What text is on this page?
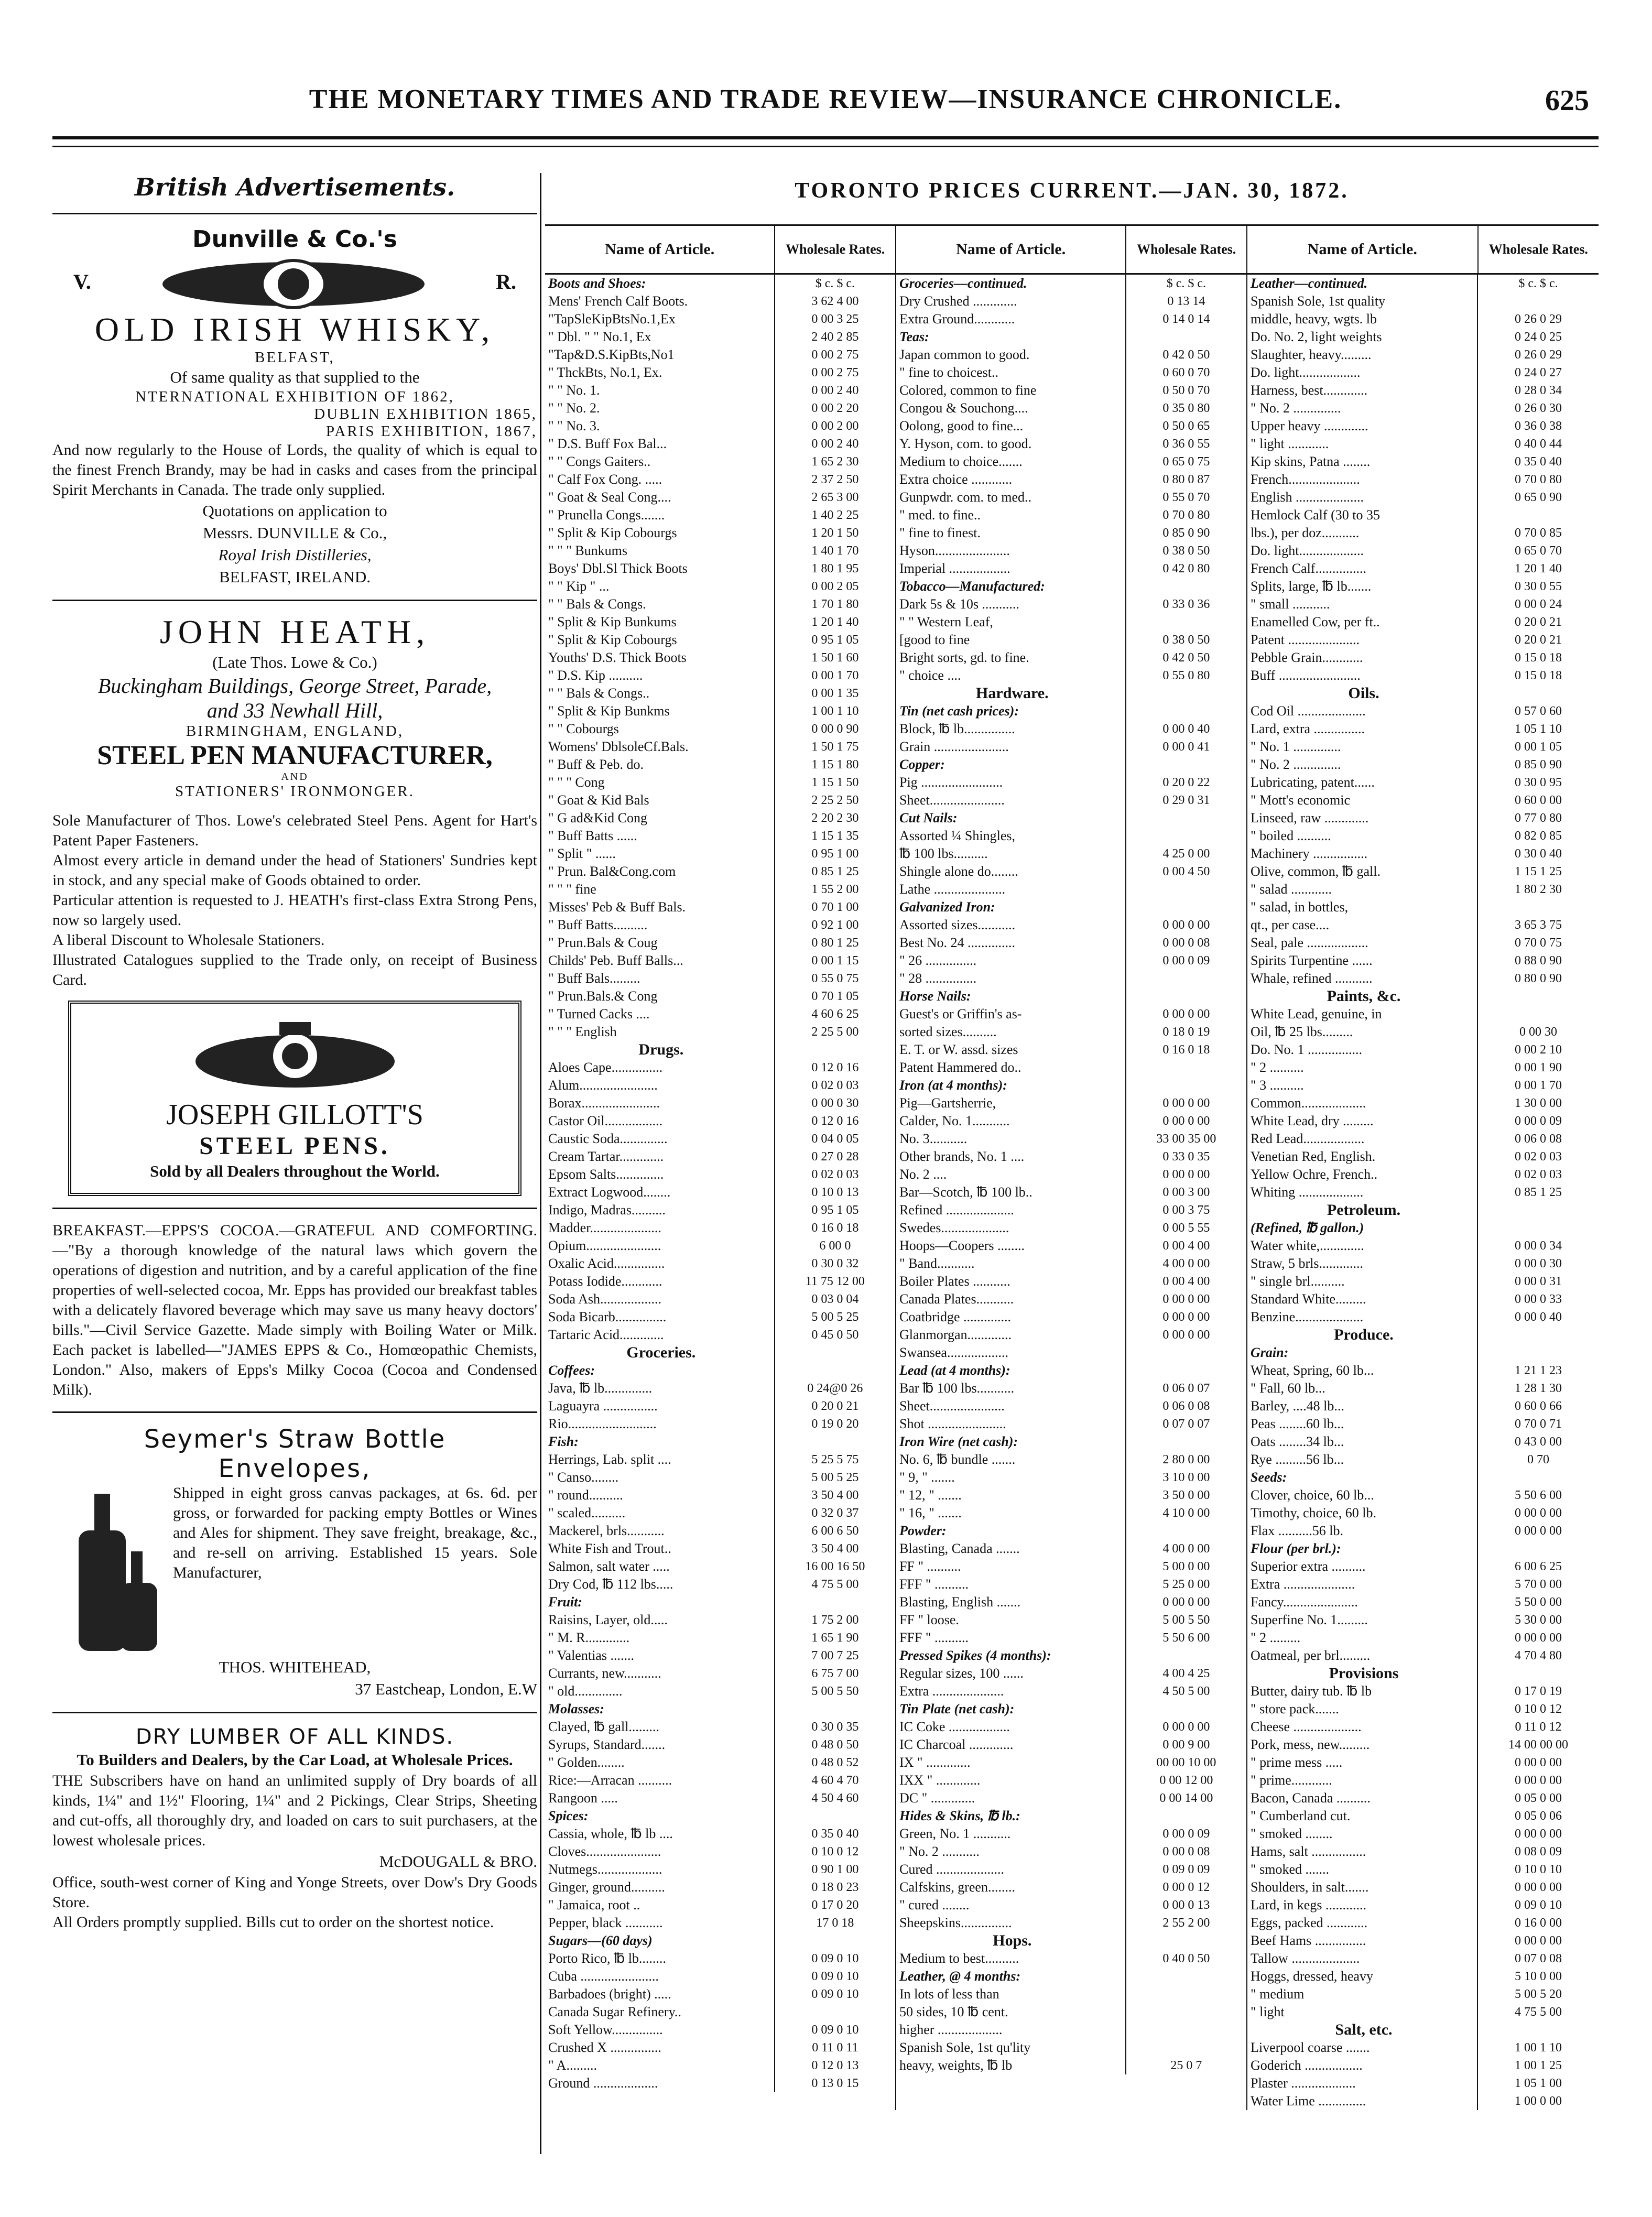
THE MONETARY TIMES AND TRADE REVIEW—INSURANCE CHRONICLE.	625

British Advertisements.

Dunville & Co.'s

V.	R.

OLD IRISH WHISKY,

BELFAST,

Of same quality as that supplied to the

NTERNATIONAL EXHIBITION OF 1862,

DUBLIN EXHIBITION 1865,

PARIS EXHIBITION, 1867,

And now regularly to the House of Lords, the quality of which is equal to the finest French Brandy, may be had in casks and cases from the principal Spirit Merchants in Canada. The trade only supplied.

Quotations on application to

Messrs. DUNVILLE & Co.,

Royal Irish Distilleries,

BELFAST, IRELAND.

JOHN HEATH,

(Late Thos. Lowe & Co.)

Buckingham Buildings, George Street, Parade,

and 33 Newhall Hill,

BIRMINGHAM, ENGLAND,

STEEL PEN MANUFACTURER,

AND

STATIONERS' IRONMONGER.

Sole Manufacturer of Thos. Lowe's celebrated Steel Pens. Agent for Hart's Patent Paper Fasteners.

Almost every article in demand under the head of Stationers' Sundries kept in stock, and any special make of Goods obtained to order.

Particular attention is requested to J. HEATH's first-class Extra Strong Pens, now so largely used.

A liberal Discount to Wholesale Stationers.

Illustrated Catalogues supplied to the Trade only, on receipt of Business Card.

JOSEPH GILLOTT'S

STEEL PENS.

Sold by all Dealers throughout the World.

BREAKFAST.—EPPS'S COCOA.—GRATEFUL AND COMFORTING.—"By a thorough knowledge of the natural laws which govern the operations of digestion and nutrition, and by a careful application of the fine properties of well-selected cocoa, Mr. Epps has provided our breakfast tables with a delicately flavored beverage which may save us many heavy doctors' bills."—Civil Service Gazette. Made simply with Boiling Water or Milk. Each packet is labelled—"JAMES EPPS & Co., Homœopathic Chemists, London." Also, makers of Epps's Milky Cocoa (Cocoa and Condensed Milk).

Seymer's Straw Bottle

Envelopes,

Shipped in eight gross canvas packages, at 6s. 6d. per gross, or forwarded for packing empty Bottles or Wines and Ales for shipment. They save freight, breakage, &c., and re-sell on arriving. Established 15 years. Sole Manufacturer,

THOS. WHITEHEAD,

37 Eastcheap, London, E.W

DRY LUMBER OF ALL KINDS.

To Builders and Dealers, by the Car Load, at Wholesale Prices.

THE Subscribers have on hand an unlimited supply of Dry boards of all kinds, 1¼" and 1½" Flooring, 1¼" and 2 Pickings, Clear Strips, Sheeting and cut-offs, all thoroughly dry, and loaded on cars to suit purchasers, at the lowest wholesale prices.

McDOUGALL & BRO.

Office, south-west corner of King and Yonge Streets, over Dow's Dry Goods Store.

All Orders promptly supplied. Bills cut to order on the shortest notice.

TORONTO PRICES CURRENT.—JAN. 30, 1872.
Name of Article.	Wholesale Rates.
Boots and Shoes:	$ c. $ c.
Mens' French Calf Boots.	3 62 4 00
"TapSleKipBtsNo.1,Ex	0 00 3 25
" Dbl. " " No.1, Ex	2 40 2 85
"Tap&D.S.KipBts,No1	0 00 2 75
" ThckBts, No.1, Ex.	0 00 2 75
" " No. 1.	0 00 2 40
" " No. 2.	0 00 2 20
" " No. 3.	0 00 2 00
" D.S. Buff Fox Bal...	0 00 2 40
" " Congs Gaiters..	1 65 2 30
" Calf Fox Cong. .....	2 37 2 50
" Goat & Seal Cong....	2 65 3 00
" Prunella Congs.......	1 40 2 25
" Split & Kip Cobourgs	1 20 1 50
" " " Bunkums	1 40 1 70
Boys' Dbl.Sl Thick Boots	1 80 1 95
" " Kip " ...	0 00 2 05
" " Bals & Congs.	1 70 1 80
" Split & Kip Bunkums	1 20 1 40
" Split & Kip Cobourgs	0 95 1 05
Youths' D.S. Thick Boots	1 50 1 60
" D.S. Kip ..........	0 00 1 70
" " Bals & Congs..	0 00 1 35
" Split & Kip Bunkms	1 00 1 10
" " Cobourgs	0 00 0 90
Womens' DblsoleCf.Bals.	1 50 1 75
" Buff & Peb. do.	1 15 1 80
" " " Cong	1 15 1 50
" Goat & Kid Bals	2 25 2 50
" G ad&Kid Cong	2 20 2 30
" Buff Batts ......	1 15 1 35
" Split " ......	0 95 1 00
" Prun. Bal&Cong.com	0 85 1 25
" " " fine	1 55 2 00
Misses' Peb & Buff Bals.	0 70 1 00
" Buff Batts..........	0 92 1 00
" Prun.Bals & Coug	0 80 1 25
Childs' Peb. Buff Balls...	0 00 1 15
" Buff Bals.........	0 55 0 75
" Prun.Bals.& Cong	0 70 1 05
" Turned Cacks ....	4 60 6 25
" " " English	2 25 5 00
Drugs.
Aloes Cape...............	0 12 0 16
Alum.......................	0 02 0 03
Borax.......................	0 00 0 30
Castor Oil.................	0 12 0 16
Caustic Soda..............	0 04 0 05
Cream Tartar.............	0 27 0 28
Epsom Salts..............	0 02 0 03
Extract Logwood........	0 10 0 13
Indigo, Madras..........	0 95 1 05
Madder.....................	0 16 0 18
Opium......................	6 00 0
Oxalic Acid...............	0 30 0 32
Potass Iodide............	11 75 12 00
Soda Ash..................	0 03 0 04
Soda Bicarb...............	5 00 5 25
Tartaric Acid.............	0 45 0 50
Groceries.
Coffees:
Java, ℔ lb..............	0 24@0 26
Laguayra ................	0 20 0 21
Rio..........................	0 19 0 20
Fish:
Herrings, Lab. split ....	5 25 5 75
" Canso........	5 00 5 25
" round..........	3 50 4 00
" scaled..........	0 32 0 37
Mackerel, brls...........	6 00 6 50
White Fish and Trout..	3 50 4 00
Salmon, salt water .....	16 00 16 50
Dry Cod, ℔ 112 lbs.....	4 75 5 00
Fruit:
Raisins, Layer, old.....	1 75 2 00
" M. R.............	1 65 1 90
" Valentias .......	7 00 7 25
Currants, new...........	6 75 7 00
" old..............	5 00 5 50
Molasses:
Clayed, ℔ gall.........	0 30 0 35
Syrups, Standard.......	0 48 0 50
" Golden........	0 48 0 52
Rice:—Arracan ..........	4 60 4 70
Rangoon .....	4 50 4 60
Spices:
Cassia, whole, ℔ lb ....	0 35 0 40
Cloves......................	0 10 0 12
Nutmegs...................	0 90 1 00
Ginger, ground..........	0 18 0 23
" Jamaica, root ..	0 17 0 20
Pepper, black ...........	17 0 18
Sugars—(60 days)
Porto Rico, ℔ lb........	0 09 0 10
Cuba .......................	0 09 0 10
Barbadoes (bright) .....	0 09 0 10
Canada Sugar Refinery..
Soft Yellow...............	0 09 0 10
Crushed X ...............	0 11 0 11
" A.........	0 12 0 13
Ground ...................	0 13 0 15
Name of Article.	Wholesale Rates.
Groceries—continued.	$ c. $ c.
Dry Crushed .............	0 13 14
Extra Ground............	0 14 0 14
Teas:
Japan common to good.	0 42 0 50
" fine to choicest..	0 60 0 70
Colored, common to fine	0 50 0 70
Congou & Souchong....	0 35 0 80
Oolong, good to fine...	0 50 0 65
Y. Hyson, com. to good.	0 36 0 55
Medium to choice.......	0 65 0 75
Extra choice ............	0 80 0 87
Gunpwdr. com. to med..	0 55 0 70
" med. to fine..	0 70 0 80
" fine to finest.	0 85 0 90
Hyson......................	0 38 0 50
Imperial ..................	0 42 0 80
Tobacco—Manufactured:
Dark 5s & 10s ...........	0 33 0 36
" " Western Leaf,
[good to fine	0 38 0 50
Bright sorts, gd. to fine.	0 42 0 50
" choice ....	0 55 0 80
Hardware.
Tin (net cash prices):
Block, ℔ lb...............	0 00 0 40
Grain ......................	0 00 0 41
Copper:
Pig ........................	0 20 0 22
Sheet......................	0 29 0 31
Cut Nails:
Assorted ¼ Shingles,
℔ 100 lbs..........	4 25 0 00
Shingle alone do........	0 00 4 50
Lathe .....................
Galvanized Iron:
Assorted sizes...........	0 00 0 00
Best No. 24 ..............	0 00 0 08
" 26 ...............	0 00 0 09
" 28 ...............
Horse Nails:
Guest's or Griffin's as-	0 00 0 00
sorted sizes..........	0 18 0 19
E. T. or W. assd. sizes	0 16 0 18
Patent Hammered do..
Iron (at 4 months):
Pig—Gartsherrie,	0 00 0 00
Calder, No. 1...........	0 00 0 00
No. 3...........	33 00 35 00
Other brands, No. 1 ....	0 33 0 35
No. 2 ....	0 00 0 00
Bar—Scotch, ℔ 100 lb..	0 00 3 00
Refined ....................	0 00 3 75
Swedes....................	0 00 5 55
Hoops—Coopers ........	0 00 4 00
" Band...........	4 00 0 00
Boiler Plates ...........	0 00 4 00
Canada Plates...........	0 00 0 00
Coatbridge ..............	0 00 0 00
Glanmorgan.............	0 00 0 00
Swansea..................
Lead (at 4 months):
Bar ℔ 100 lbs...........	0 06 0 07
Sheet......................	0 06 0 08
Shot .......................	0 07 0 07
Iron Wire (net cash):
No. 6, ℔ bundle .......	2 80 0 00
" 9, " .......	3 10 0 00
" 12, " .......	3 50 0 00
" 16, " .......	4 10 0 00
Powder:
Blasting, Canada .......	4 00 0 00
FF " ..........	5 00 0 00
FFF " ..........	5 25 0 00
Blasting, English .......	0 00 0 00
FF " loose.	5 00 5 50
FFF " ..........	5 50 6 00
Pressed Spikes (4 months):
Regular sizes, 100 ......	4 00 4 25
Extra .....................	4 50 5 00
Tin Plate (net cash):
IC Coke ..................	0 00 0 00
IC Charcoal .............	0 00 9 00
IX " .............	00 00 10 00
IXX " .............	0 00 12 00
DC " .............	0 00 14 00
Hides & Skins, ℔ lb.:
Green, No. 1 ...........	0 00 0 09
" No. 2 ...........	0 00 0 08
Cured ....................	0 09 0 09
Calfskins, green........	0 00 0 12
" cured ........	0 00 0 13
Sheepskins...............	2 55 2 00
Hops.
Medium to best..........	0 40 0 50
Leather, @ 4 months:
In lots of less than
50 sides, 10 ℔ cent.
higher ...................
Spanish Sole, 1st qu'lity
heavy, weights, ℔ lb	25 0 7
Name of Article.	Wholesale Rates.
Leather—continued.	$ c. $ c.
Spanish Sole, 1st quality
middle, heavy, wgts. lb	0 26 0 29
Do. No. 2, light weights	0 24 0 25
Slaughter, heavy.........	0 26 0 29
Do. light..................	0 24 0 27
Harness, best.............	0 28 0 34
" No. 2 ..............	0 26 0 30
Upper heavy .............	0 36 0 38
" light ............	0 40 0 44
Kip skins, Patna ........	0 35 0 40
French.....................	0 70 0 80
English ....................	0 65 0 90
Hemlock Calf (30 to 35
lbs.), per doz...........	0 70 0 85
Do. light...................	0 65 0 70
French Calf...............	1 20 1 40
Splits, large, ℔ lb.......	0 30 0 55
" small ...........	0 00 0 24
Enamelled Cow, per ft..	0 20 0 21
Patent .....................	0 20 0 21
Pebble Grain............	0 15 0 18
Buff ........................	0 15 0 18
Oils.
Cod Oil ....................	0 57 0 60
Lard, extra ...............	1 05 1 10
" No. 1 ..............	0 00 1 05
" No. 2 ..............	0 85 0 90
Lubricating, patent......	0 30 0 95
" Mott's economic	0 60 0 00
Linseed, raw .............	0 77 0 80
" boiled ..........	0 82 0 85
Machinery ................	0 30 0 40
Olive, common, ℔ gall.	1 15 1 25
" salad ............	1 80 2 30
" salad, in bottles,
qt., per case....	3 65 3 75
Seal, pale ..................	0 70 0 75
Spirits Turpentine ......	0 88 0 90
Whale, refined ...........	0 80 0 90
Paints, &c.
White Lead, genuine, in
Oil, ℔ 25 lbs.........	0 00 30
Do. No. 1 ................	0 00 2 10
" 2 ..........	0 00 1 90
" 3 ..........	0 00 1 70
Common...................	1 30 0 00
White Lead, dry .........	0 00 0 09
Red Lead..................	0 06 0 08
Venetian Red, English.	0 02 0 03
Yellow Ochre, French..	0 02 0 03
Whiting ...................	0 85 1 25
Petroleum.
(Refined, ℔ gallon.)
Water white,.............	0 00 0 34
Straw, 5 brls.............	0 00 0 30
" single brl..........	0 00 0 31
Standard White.........	0 00 0 33
Benzine....................	0 00 0 40
Produce.
Grain:
Wheat, Spring, 60 lb...	1 21 1 23
" Fall, 60 lb...	1 28 1 30
Barley, ....48 lb...	0 60 0 66
Peas ........60 lb...	0 70 0 71
Oats ........34 lb...	0 43 0 00
Rye .........56 lb...	0 70
Seeds:
Clover, choice, 60 lb...	5 50 6 00
Timothy, choice, 60 lb.	0 00 0 00
Flax ..........56 lb.	0 00 0 00
Flour (per brl.):
Superior extra ..........	6 00 6 25
Extra .....................	5 70 0 00
Fancy......................	5 50 0 00
Superfine No. 1.........	5 30 0 00
" 2 .........	0 00 0 00
Oatmeal, per brl.........	4 70 4 80
Provisions
Butter, dairy tub. ℔ lb	0 17 0 19
" store pack.......	0 10 0 12
Cheese ....................	0 11 0 12
Pork, mess, new.........	14 00 00 00
" prime mess .....	0 00 0 00
" prime............	0 00 0 00
Bacon, Canada ..........	0 05 0 00
" Cumberland cut.	0 05 0 06
" smoked ........	0 00 0 00
Hams, salt ................	0 08 0 09
" smoked .......	0 10 0 10
Shoulders, in salt.......	0 00 0 00
Lard, in kegs ............	0 09 0 10
Eggs, packed ............	0 16 0 00
Beef Hams ...............	0 00 0 00
Tallow ....................	0 07 0 08
Hoggs, dressed, heavy	5 10 0 00
" medium	5 00 5 20
" light	4 75 5 00
Salt, etc.
Liverpool coarse .......	1 00 1 10
Goderich .................	1 00 1 25
Plaster ...................	1 05 1 00
Water Lime ..............	1 00 0 00
